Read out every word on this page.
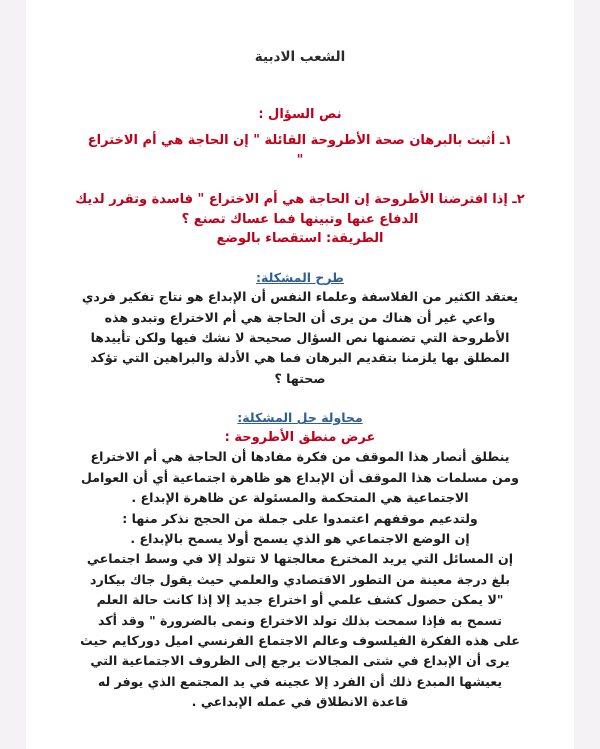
الشعب الادبية
نص السؤال :
١ـ أثبت بالبرهان صحة الأطروحة القائلة " إن الحاجة هي أم الاختراع
"
٢ـ إذا افترضنا الأطروحة إن الحاجة هي أم الاختراع " فاسدة وتقرر لديك الدفاع عنها وتبينها فما عساك تصنع ؟
الطريقة: استقصاء بالوضع
طرح المشكلة:
يعتقد الكثير من الفلاسفة وعلماء النفس أن الإبداع هو نتاج تفكير فردي
واعي غير أن هناك من يرى أن الحاجة هي أم الاختراع وتبدو هذه
الأطروحة التي تضمنها نص السؤال صحيحة لا نشك فيها ولكن تأييدها
المطلق بها يلزمنا بتقديم البرهان فما هي الأدلة والبراهين التي تؤكد
صحتها ؟
محاولة حل المشكلة:
عرض منطق الأطروحة :
ينطلق أنصار هذا الموقف من فكرة مفادها أن الحاجة هي أم الاختراع
ومن مسلمات هذا الموقف أن الإبداع هو ظاهرة اجتماعية أي أن العوامل
الاجتماعية هي المتحكمة والمسئولة عن ظاهرة الإبداع .
ولتدعيم موقفهم اعتمدوا على جملة من الحجج نذكر منها :
إن الوضع الاجتماعي هو الذي يسمح أولا يسمح بالإبداع .
إن المسائل التي يريد المخترع معالجتها لا تتولد إلا في وسط اجتماعي
بلغ درجة معينة من التطور الاقتصادي والعلمي حيث يقول جاك بيكارد
"لا يمكن حصول كشف علمي أو اختراع جديد إلا إذا كانت حالة العلم
تسمح به فإذا سمحت بذلك تولد الاختراع ونمى بالضرورة " وقد أكد
على هذه الفكرة الفيلسوف وعالم الاجتماع الفرنسي اميل دوركايم حيث
يرى أن الإبداع في شتى المجالات يرجع إلى الظروف الاجتماعية التي
يعيشها المبدع ذلك أن الفرد إلا عجينه في يد المجتمع الذي يوفر له
قاعدة الانطلاق في عمله الإبداعي .
